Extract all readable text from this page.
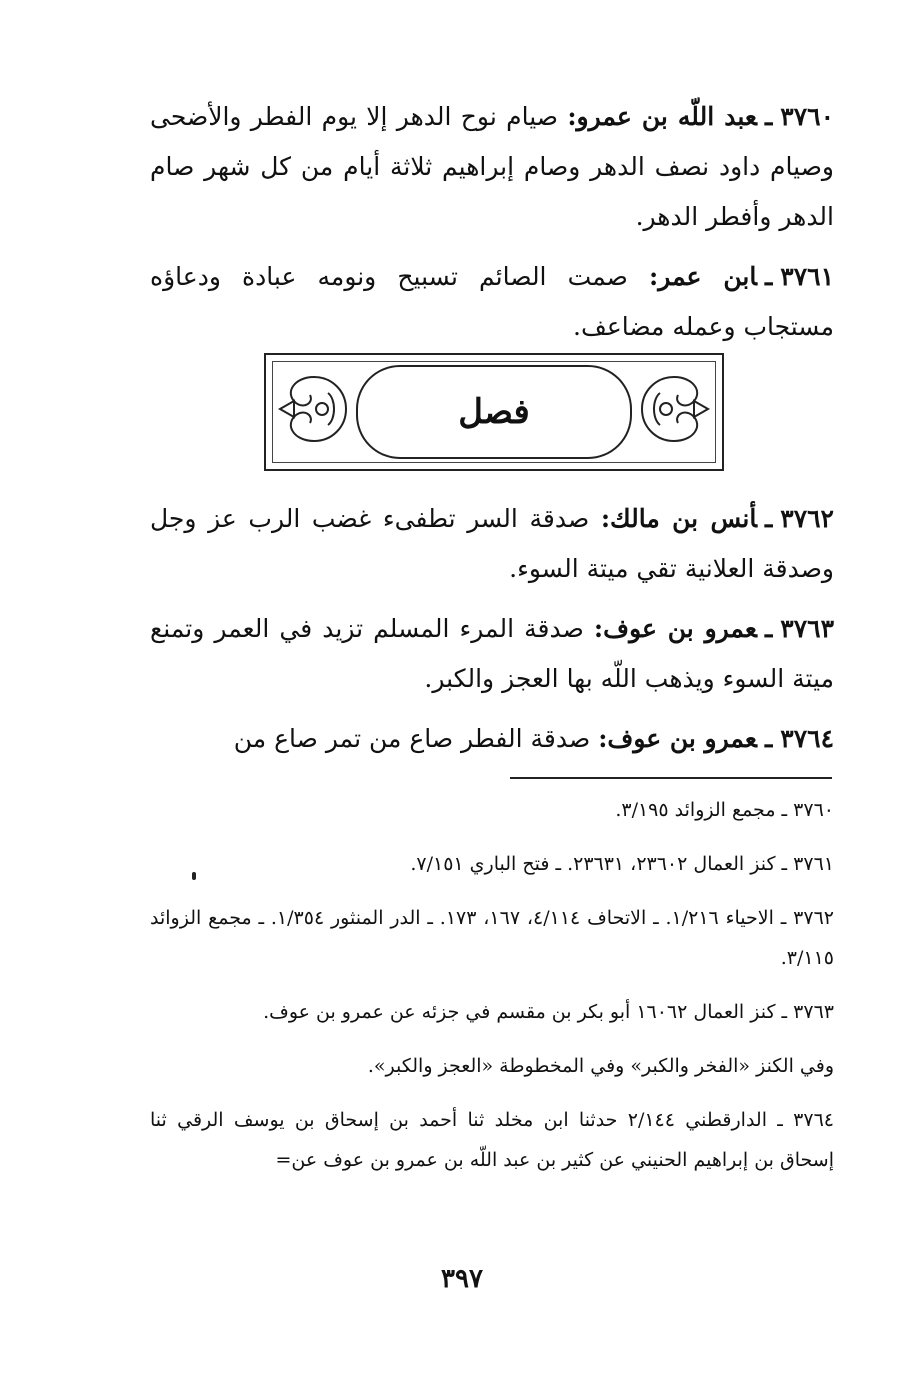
٣٧٦٠ـعبد اللّه بن عمرو: صيام نوح الدهر إلا يوم الفطر والأضحى وصيام داود نصف الدهر وصام إبراهيم ثلاثة أيام من كل شهر صام الدهر وأفطر الدهر.

٣٧٦١ـابن عمر: صمت الصائم تسبيح ونومه عبادة ودعاؤه مستجاب وعمله مضاعف.

فصل

٣٧٦٢ـأنس بن مالك: صدقة السر تطفىء غضب الرب عز وجل وصدقة العلانية تقي ميتة السوء.

٣٧٦٣ـعمرو بن عوف: صدقة المرء المسلم تزيد في العمر وتمنع ميتة السوء ويذهب اللّه بها العجز والكبر.

٣٧٦٤ـعمرو بن عوف: صدقة الفطر صاع من تمر صاع من

٣٧٦٠ ـ مجمع الزوائد ٣/١٩٥.

٣٧٦١ ـ كنز العمال ٢٣٦٠٢، ٢٣٦٣١. ـ فتح الباري ٧/١٥١.

٣٧٦٢ ـ الاحياء ١/٢١٦. ـ الاتحاف ٤/١١٤، ١٦٧، ١٧٣. ـ الدر المنثور ١/٣٥٤. ـ مجمع الزوائد ٣/١١٥.

٣٧٦٣ ـ كنز العمال ١٦٠٦٢ أبو بكر بن مقسم في جزئه عن عمرو بن عوف.

وفي الكنز «الفخر والكبر» وفي المخطوطة «العجز والكبر».

٣٧٦٤ ـ الدارقطني ٢/١٤٤ حدثنا ابن مخلد ثنا أحمد بن إسحاق بن يوسف الرقي ثنا إسحاق بن إبراهيم الحنيني عن كثير بن عبد اللّه بن عمرو بن عوف عن=

٣٩٧
